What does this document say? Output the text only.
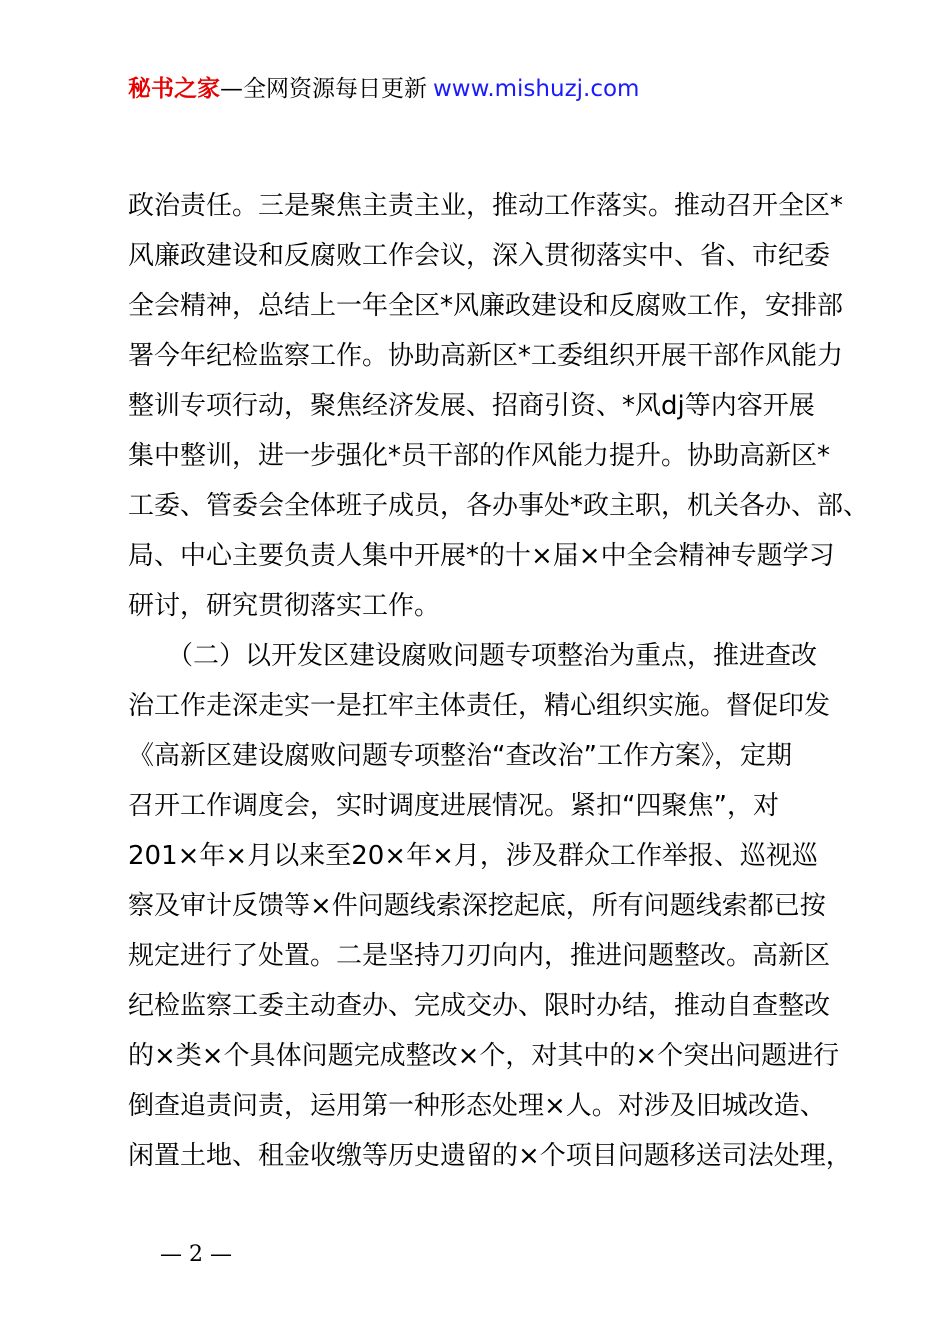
秘书之家—全网资源每日更新 www.mishuzj.com
政治责任。三是聚焦主责主业，推动工作落实。推动召开全区*
风廉政建设和反腐败工作会议，深入贯彻落实中、省、市纪委
全会精神，总结上一年全区*风廉政建设和反腐败工作，安排部
署今年纪检监察工作。协助高新区*工委组织开展干部作风能力
整训专项行动，聚焦经济发展、招商引资、*风dj等内容开展
集中整训，进一步强化*员干部的作风能力提升。协助高新区*
工委、管委会全体班子成员，各办事处*政主职，机关各办、部、
局、中心主要负责人集中开展*的十×届×中全会精神专题学习
研讨，研究贯彻落实工作。
　　（二）以开发区建设腐败问题专项整治为重点，推进查改
治工作走深走实一是扛牢主体责任，精心组织实施。督促印发
《高新区建设腐败问题专项整治“查改治”工作方案》，定期
召开工作调度会，实时调度进展情况。紧扣“四聚焦”，对
201×年×月以来至20×年×月，涉及群众工作举报、巡视巡
察及审计反馈等×件问题线索深挖起底，所有问题线索都已按
规定进行了处置。二是坚持刀刃向内，推进问题整改。高新区
纪检监察工委主动查办、完成交办、限时办结，推动自查整改
的×类×个具体问题完成整改×个，对其中的×个突出问题进行
倒查追责问责，运用第一种形态处理×人。对涉及旧城改造、
闲置土地、租金收缴等历史遗留的×个项目问题移送司法处理，
— 2 —
